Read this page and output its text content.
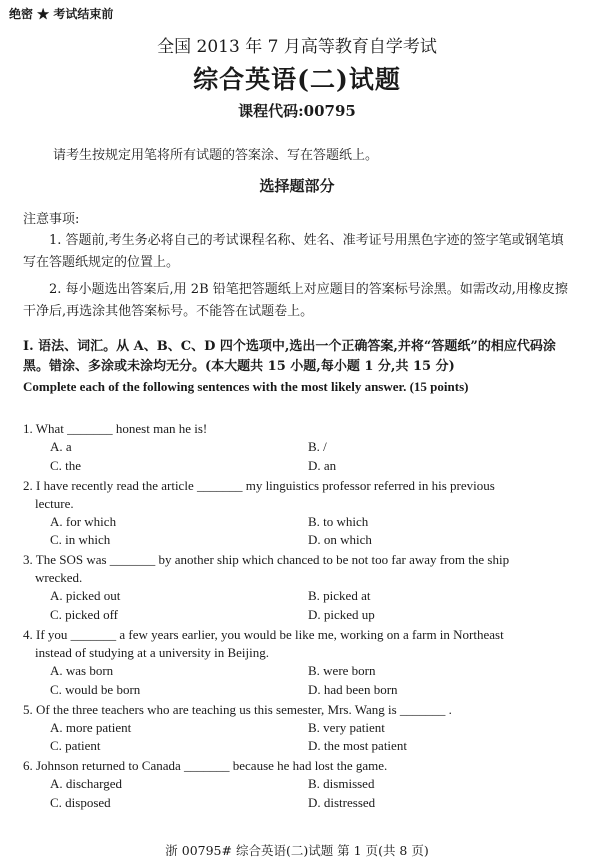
绝密 ★ 考试结束前
全国 2013 年 7 月高等教育自学考试
综合英语(二)试题
课程代码:00795
请考生按规定用笔将所有试题的答案涂、写在答题纸上。
选择题部分
注意事项:
1. 答题前,考生务必将自己的考试课程名称、姓名、准考证号用黑色字迹的签字笔或钢笔填写在答题纸规定的位置上。
2. 每小题选出答案后,用 2B 铅笔把答题纸上对应题目的答案标号涂黑。如需改动,用橡皮擦干净后,再选涂其他答案标号。不能答在试题卷上。
Ⅰ. 语法、词汇。从 A、B、C、D 四个选项中,选出一个正确答案,并将“答题纸”的相应代码涂黑。错涂、多涂或未涂均无分。(本大题共 15 小题,每小题 1 分,共 15 分)
Complete each of the following sentences with the most likely answer. (15 points)
1. What _______ honest man he is!
A. a	B. /
C. the	D. an
2. I have recently read the article _______ my linguistics professor referred in his previous
lecture.
A. for which	B. to which
C. in which	D. on which
3. The SOS was _______ by another ship which chanced to be not too far away from the ship
wrecked.
A. picked out	B. picked at
C. picked off	D. picked up
4. If you _______ a few years earlier, you would be like me, working on a farm in Northeast
instead of studying at a university in Beijing.
A. was born	B. were born
C. would be born	D. had been born
5. Of the three teachers who are teaching us this semester, Mrs. Wang is _______ .
A. more patient	B. very patient
C. patient	D. the most patient
6. Johnson returned to Canada _______ because he had lost the game.
A. discharged	B. dismissed
C. disposed	D. distressed
浙 00795# 综合英语(二)试题 第 1 页(共 8 页)
